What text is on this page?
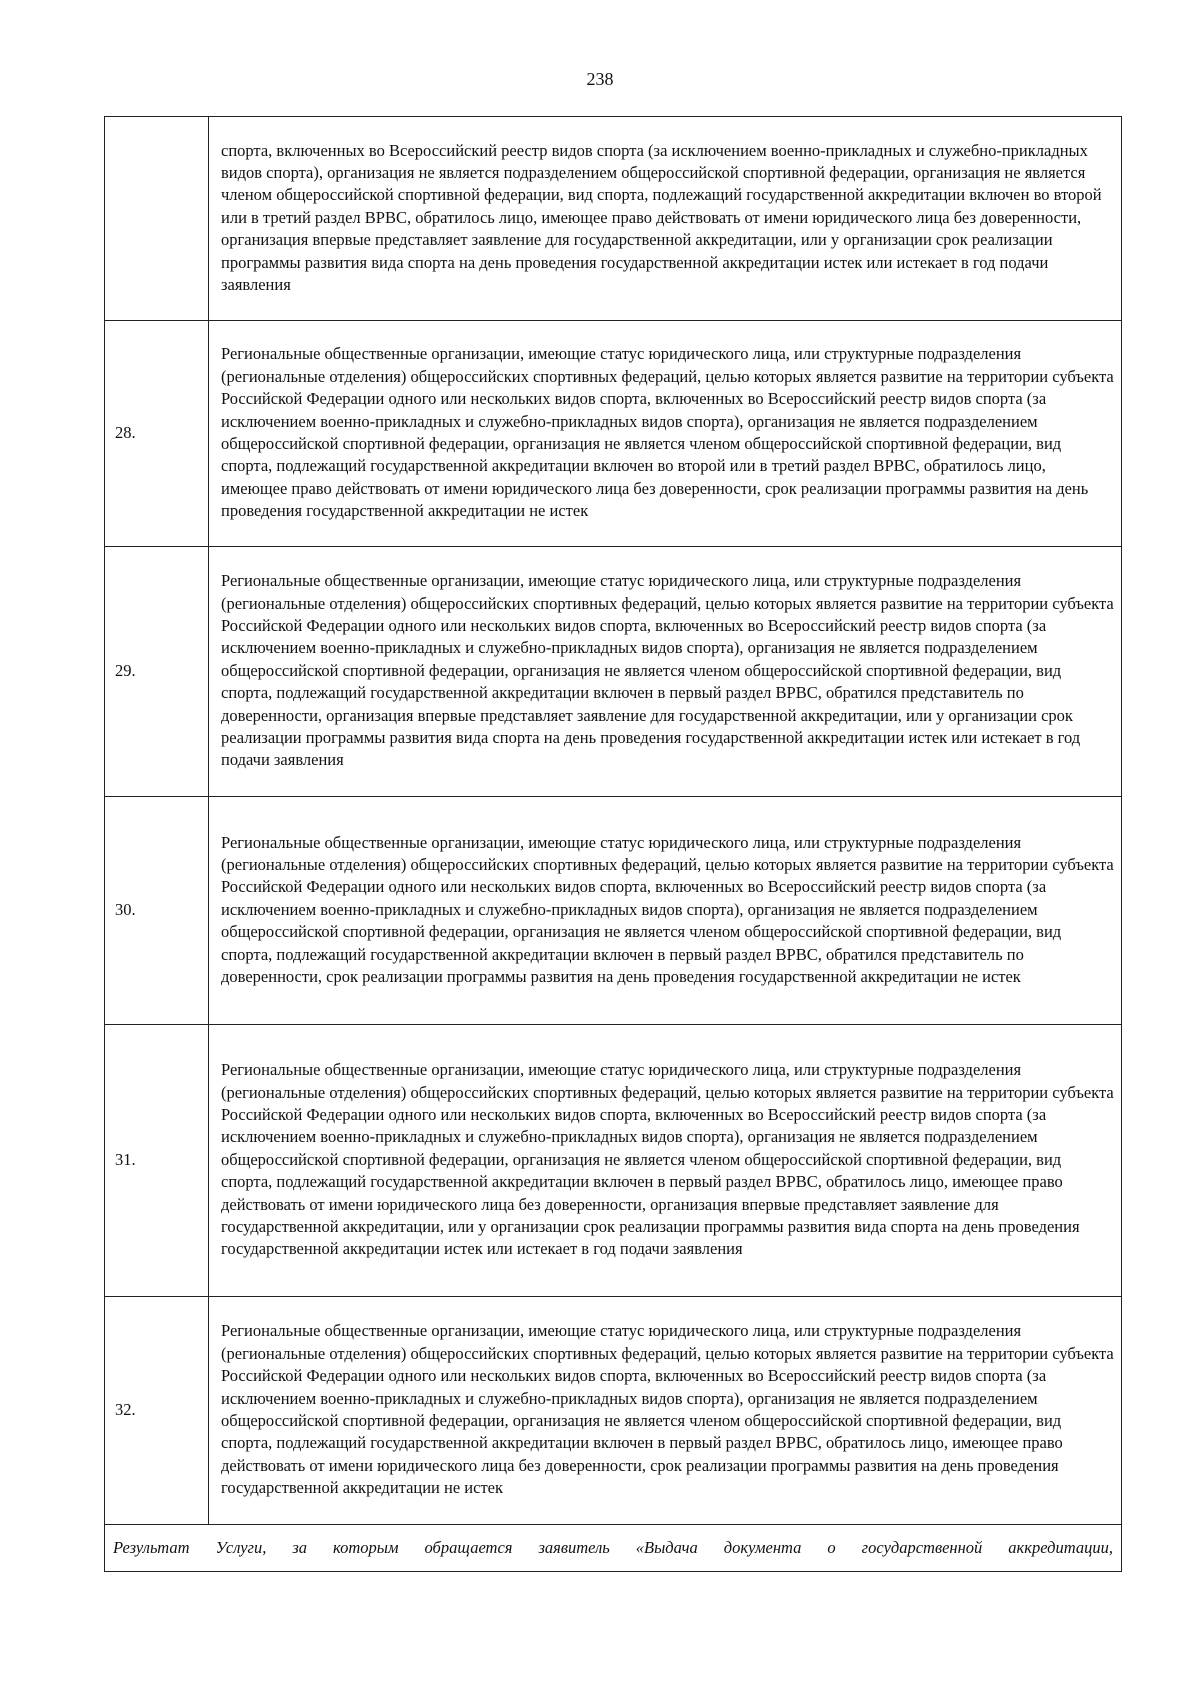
238
	спорта, включенных во Всероссийский реестр видов спорта (за исключением военно-прикладных и служебно-прикладных видов спорта), организация не является подразделением общероссийской спортивной федерации, организация не является членом общероссийской спортивной федерации, вид спорта, подлежащий государственной аккредитации включен во второй или в третий раздел ВРВС, обратилось лицо, имеющее право действовать от имени юридического лица без доверенности, организация впервые представляет заявление для государственной аккредитации, или у организации срок реализации программы развития вида спорта на день проведения государственной аккредитации истек или истекает в год подачи заявления
28.	Региональные общественные организации, имеющие статус юридического лица, или структурные подразделения (региональные отделения) общероссийских спортивных федераций, целью которых является развитие на территории субъекта Российской Федерации одного или нескольких видов спорта, включенных во Всероссийский реестр видов спорта (за исключением военно-прикладных и служебно-прикладных видов спорта), организация не является подразделением общероссийской спортивной федерации, организация не является членом общероссийской спортивной федерации, вид спорта, подлежащий государственной аккредитации включен во второй или в третий раздел ВРВС, обратилось лицо, имеющее право действовать от имени юридического лица без доверенности, срок реализации программы развития на день проведения государственной аккредитации не истек
29.	Региональные общественные организации, имеющие статус юридического лица, или структурные подразделения (региональные отделения) общероссийских спортивных федераций, целью которых является развитие на территории субъекта Российской Федерации одного или нескольких видов спорта, включенных во Всероссийский реестр видов спорта (за исключением военно-прикладных и служебно-прикладных видов спорта), организация не является подразделением общероссийской спортивной федерации, организация не является членом общероссийской спортивной федерации, вид спорта, подлежащий государственной аккредитации включен в первый раздел ВРВС, обратился представитель по доверенности, организация впервые представляет заявление для государственной аккредитации, или у организации срок реализации программы развития вида спорта на день проведения государственной аккредитации истек или истекает в год подачи заявления
30.	Региональные общественные организации, имеющие статус юридического лица, или структурные подразделения (региональные отделения) общероссийских спортивных федераций, целью которых является развитие на территории субъекта Российской Федерации одного или нескольких видов спорта, включенных во Всероссийский реестр видов спорта (за исключением военно-прикладных и служебно-прикладных видов спорта), организация не является подразделением общероссийской спортивной федерации, организация не является членом общероссийской спортивной федерации, вид спорта, подлежащий государственной аккредитации включен в первый раздел ВРВС, обратился представитель по доверенности, срок реализации программы развития на день проведения государственной аккредитации не истек
31.	Региональные общественные организации, имеющие статус юридического лица, или структурные подразделения (региональные отделения) общероссийских спортивных федераций, целью которых является развитие на территории субъекта Российской Федерации одного или нескольких видов спорта, включенных во Всероссийский реестр видов спорта (за исключением военно-прикладных и служебно-прикладных видов спорта), организация не является подразделением общероссийской спортивной федерации, организация не является членом общероссийской спортивной федерации, вид спорта, подлежащий государственной аккредитации включен в первый раздел ВРВС, обратилось лицо, имеющее право действовать от имени юридического лица без доверенности, организация впервые представляет заявление для государственной аккредитации, или у организации срок реализации программы развития вида спорта на день проведения государственной аккредитации истек или истекает в год подачи заявления
32.	Региональные общественные организации, имеющие статус юридического лица, или структурные подразделения (региональные отделения) общероссийских спортивных федераций, целью которых является развитие на территории субъекта Российской Федерации одного или нескольких видов спорта, включенных во Всероссийский реестр видов спорта (за исключением военно-прикладных и служебно-прикладных видов спорта), организация не является подразделением общероссийской спортивной федерации, организация не является членом общероссийской спортивной федерации, вид спорта, подлежащий государственной аккредитации включен в первый раздел ВРВС, обратилось лицо, имеющее право действовать от имени юридического лица без доверенности, срок реализации программы развития на день проведения государственной аккредитации не истек
Результат Услуги, за которым обращается заявитель «Выдача документа о государственной аккредитации,	
